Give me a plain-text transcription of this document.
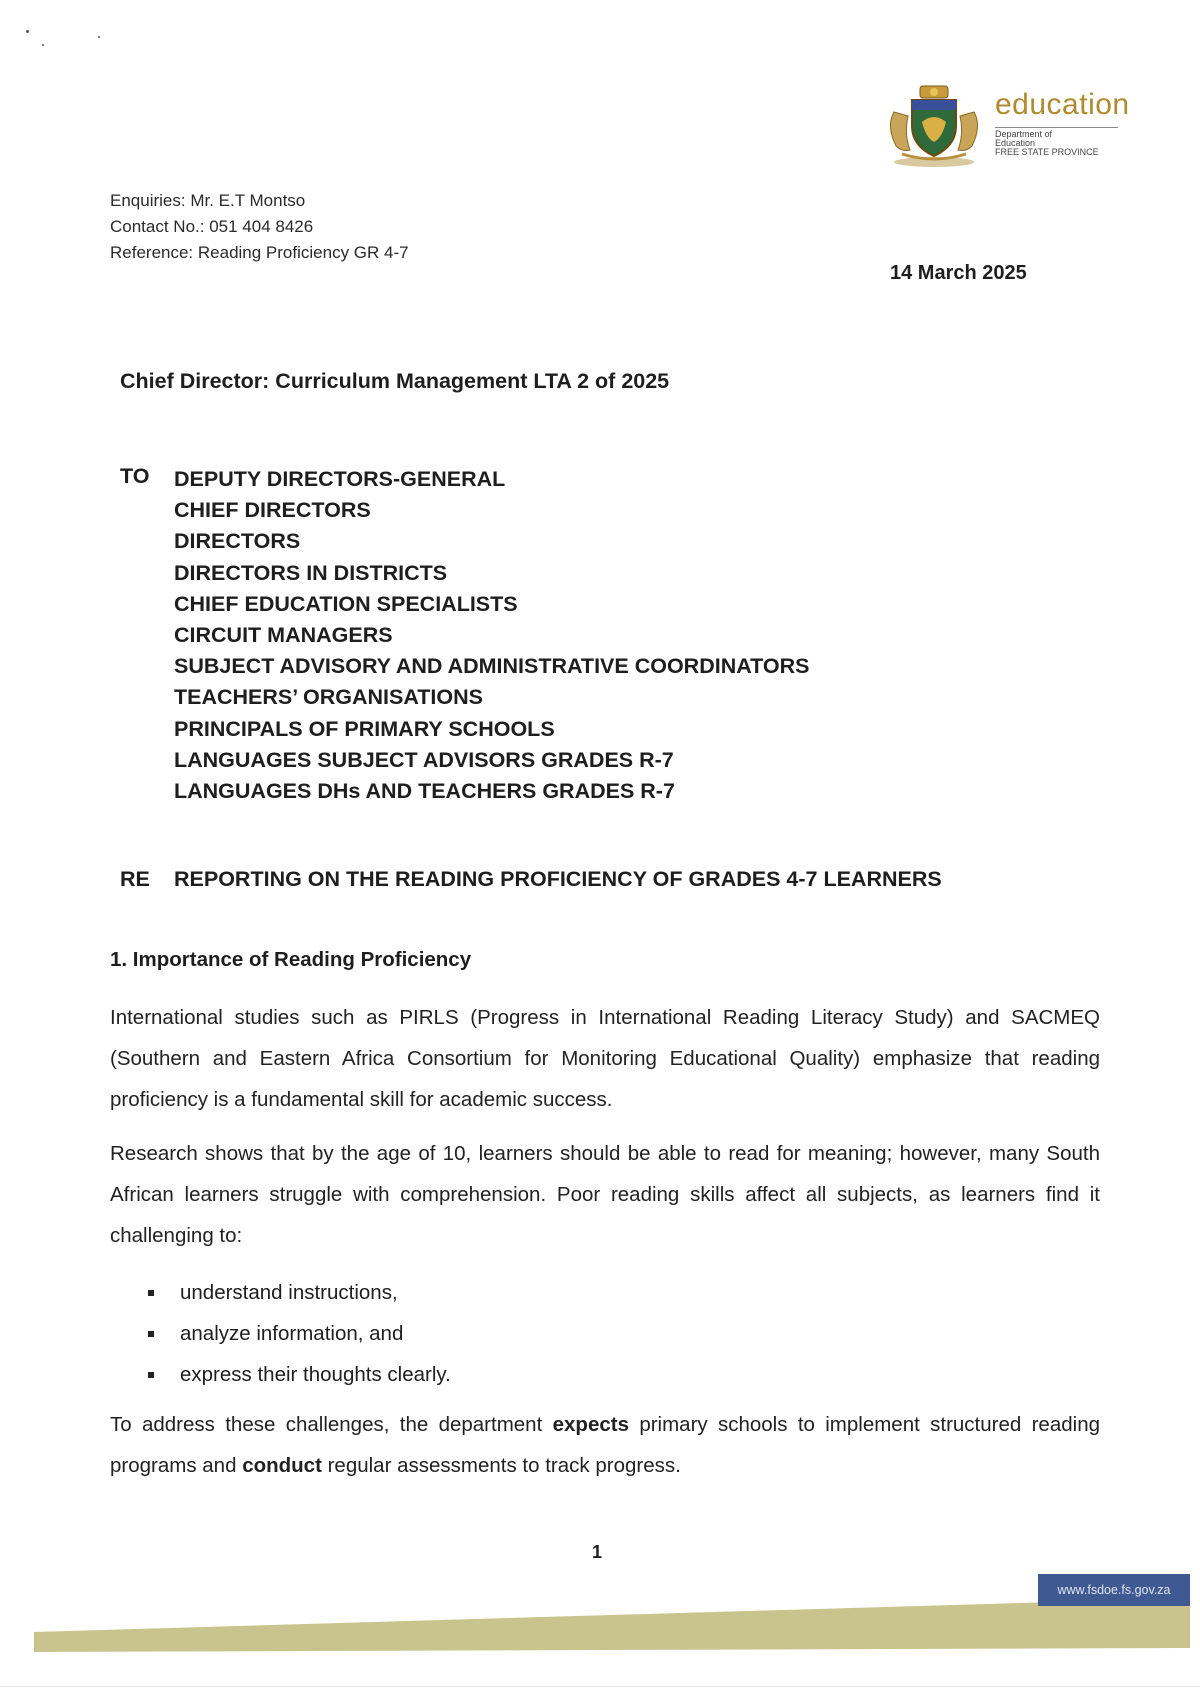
education
Department of
Education
FREE STATE PROVINCE
Enquiries: Mr. E.T Montso
Contact No.: 051 404 8426
Reference: Reading Proficiency GR 4-7
14 March 2025
Chief Director: Curriculum Management LTA 2 of 2025
TO DEPUTY DIRECTORS-GENERAL
CHIEF DIRECTORS
DIRECTORS
DIRECTORS IN DISTRICTS
CHIEF EDUCATION SPECIALISTS
CIRCUIT MANAGERS
SUBJECT ADVISORY AND ADMINISTRATIVE COORDINATORS
TEACHERS’ ORGANISATIONS
PRINCIPALS OF PRIMARY SCHOOLS
LANGUAGES SUBJECT ADVISORS GRADES R-7
LANGUAGES DHs AND TEACHERS GRADES R-7
RE REPORTING ON THE READING PROFICIENCY OF GRADES 4-7 LEARNERS
1. Importance of Reading Proficiency

International studies such as PIRLS (Progress in International Reading Literacy Study) and SACMEQ (Southern and Eastern Africa Consortium for Monitoring Educational Quality) emphasize that reading proficiency is a fundamental skill for academic success.

Research shows that by the age of 10, learners should be able to read for meaning; however, many South African learners struggle with comprehension. Poor reading skills affect all subjects, as learners find it challenging to:

understand instructions,
analyze information, and
express their thoughts clearly.

To address these challenges, the department expects primary schools to implement structured reading programs and conduct regular assessments to track progress.

1
www.fsdoe.fs.gov.za
